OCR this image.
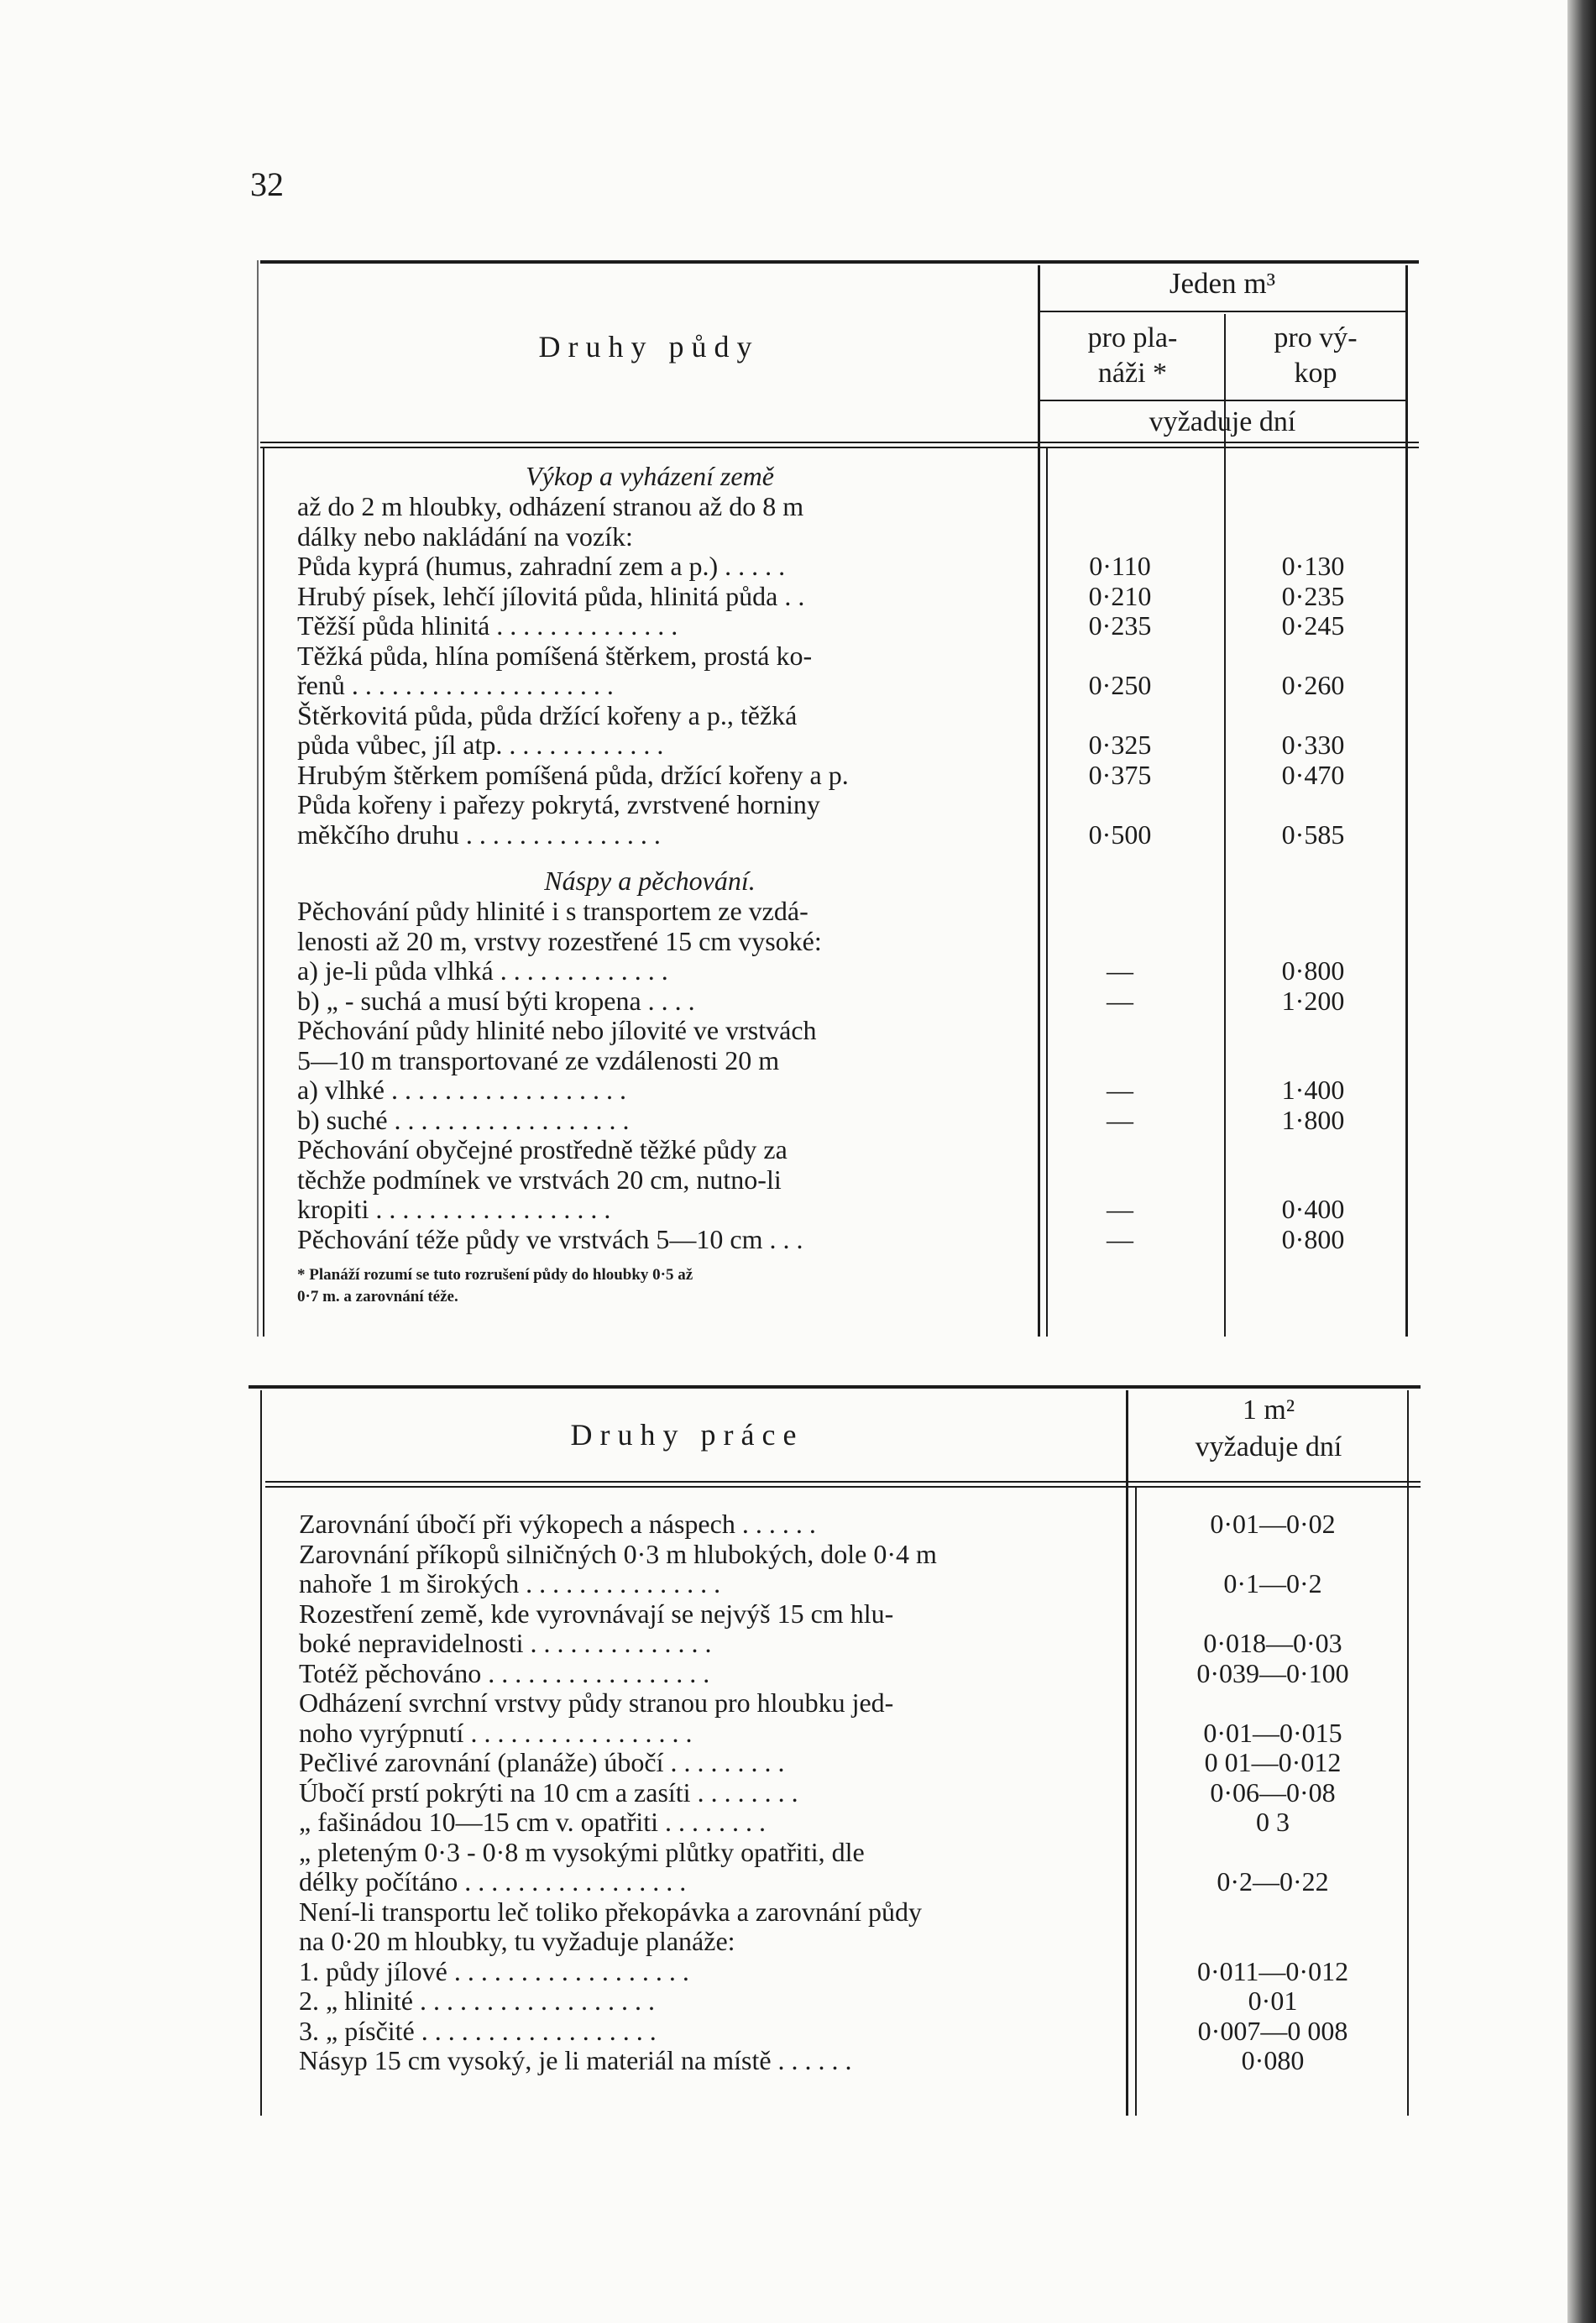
32
Druhy půdy
Jeden m³
pro pla-
náži *
pro vý-
kop
vyžaduje dní
Výkop a vyházení země
až do 2 m hloubky, odházení stranou až do 8 m
dálky nebo nakládání na vozík:
Půda kyprá (humus, zahradní zem a p.) . . . . .	0·110	0·130
Hrubý písek, lehčí jílovitá půda, hlinitá půda . .	0·210	0·235
Těžší půda hlinitá . . . . . . . . . . . . . .	0·235	0·245
Těžká půda, hlína pomíšená štěrkem, prostá ko-
řenů . . . . . . . . . . . . . . . . . . . .	0·250	0·260
Štěrkovitá půda, půda držící kořeny a p., těžká
půda vůbec, jíl atp. . . . . . . . . . . . .	0·325	0·330
Hrubým štěrkem pomíšená půda, držící kořeny a p.	0·375	0·470
Půda kořeny i pařezy pokrytá, zvrstvené horniny
měkčího druhu . . . . . . . . . . . . . . .	0·500	0·585
Náspy a pěchování.
Pěchování půdy hlinité i s transportem ze vzdá-
lenosti až 20 m, vrstvy rozestřené 15 cm vysoké:
a) je-li půda vlhká . . . . . . . . . . . . .	—	0·800
b) „ - suchá a musí býti kropena . . . .	—	1·200
Pěchování půdy hlinité nebo jílovité ve vrstvách
5—10 m transportované ze vzdálenosti 20 m
a) vlhké . . . . . . . . . . . . . . . . . .	—	1·400
b) suché . . . . . . . . . . . . . . . . . .	—	1·800
Pěchování obyčejné prostředně těžké půdy za
těchže podmínek ve vrstvách 20 cm, nutno-li
kropiti . . . . . . . . . . . . . . . . . .	—	0·400
Pěchování téže půdy ve vrstvách 5—10 cm . . .	—	0·800
* Planáží rozumí se tuto rozrušení půdy do hloubky 0·5 až
0·7 m. a zarovnání téže.
Druhy práce
1 m²
vyžaduje dní
Zarovnání úbočí při výkopech a náspech . . . . . .	0·01—0·02
Zarovnání příkopů silničných 0·3 m hlubokých, dole 0·4 m
nahoře 1 m širokých . . . . . . . . . . . . . . .	0·1—0·2
Rozestření země, kde vyrovnávají se nejvýš 15 cm hlu-
boké nepravidelnosti . . . . . . . . . . . . . .	0·018—0·03
Totéž pěchováno . . . . . . . . . . . . . . . . .	0·039—0·100
Odházení svrchní vrstvy půdy stranou pro hloubku jed-
noho vyrýpnutí . . . . . . . . . . . . . . . . .	0·01—0·015
Pečlivé zarovnání (planáže) úbočí . . . . . . . . .	0 01—0·012
Úbočí prstí pokrýti na 10 cm a zasíti . . . . . . . .	0·06—0·08
„ fašinádou 10—15 cm v. opatřiti . . . . . . . .	0 3
„ pleteným 0·3 - 0·8 m vysokými plůtky opatřiti, dle
délky počítáno . . . . . . . . . . . . . . . . .	0·2—0·22
Není-li transportu leč toliko překopávka a zarovnání půdy
na 0·20 m hloubky, tu vyžaduje planáže:
1. půdy jílové . . . . . . . . . . . . . . . . . .	0·011—0·012
2. „ hlinité . . . . . . . . . . . . . . . . . .	0·01
3. „ písčité . . . . . . . . . . . . . . . . . .	0·007—0 008
Násyp 15 cm vysoký, je li materiál na místě . . . . . .	0·080
